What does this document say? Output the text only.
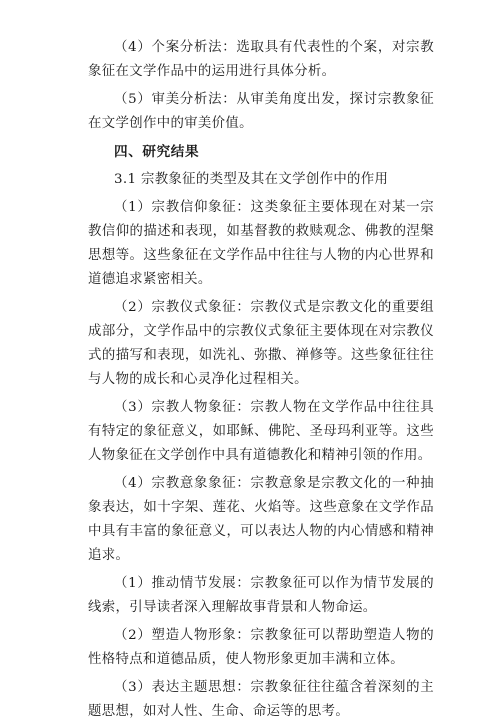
（4）个案分析法：选取具有代表性的个案，对宗教象征在文学作品中的运用进行具体分析。

（5）审美分析法：从审美角度出发，探讨宗教象征在文学创作中的审美价值。

四、研究结果

3.1 宗教象征的类型及其在文学创作中的作用

（1）宗教信仰象征：这类象征主要体现在对某一宗教信仰的描述和表现，如基督教的救赎观念、佛教的涅槃思想等。这些象征在文学作品中往往与人物的内心世界和道德追求紧密相关。

（2）宗教仪式象征：宗教仪式是宗教文化的重要组成部分，文学作品中的宗教仪式象征主要体现在对宗教仪式的描写和表现，如洗礼、弥撒、禅修等。这些象征往往与人物的成长和心灵净化过程相关。

（3）宗教人物象征：宗教人物在文学作品中往往具有特定的象征意义，如耶稣、佛陀、圣母玛利亚等。这些人物象征在文学创作中具有道德教化和精神引领的作用。

（4）宗教意象象征：宗教意象是宗教文化的一种抽象表达，如十字架、莲花、火焰等。这些意象在文学作品中具有丰富的象征意义，可以表达人物的内心情感和精神追求。

（1）推动情节发展：宗教象征可以作为情节发展的线索，引导读者深入理解故事背景和人物命运。

（2）塑造人物形象：宗教象征可以帮助塑造人物的性格特点和道德品质，使人物形象更加丰满和立体。

（3）表达主题思想：宗教象征往往蕴含着深刻的主题思想，如对人性、生命、命运等的思考。
